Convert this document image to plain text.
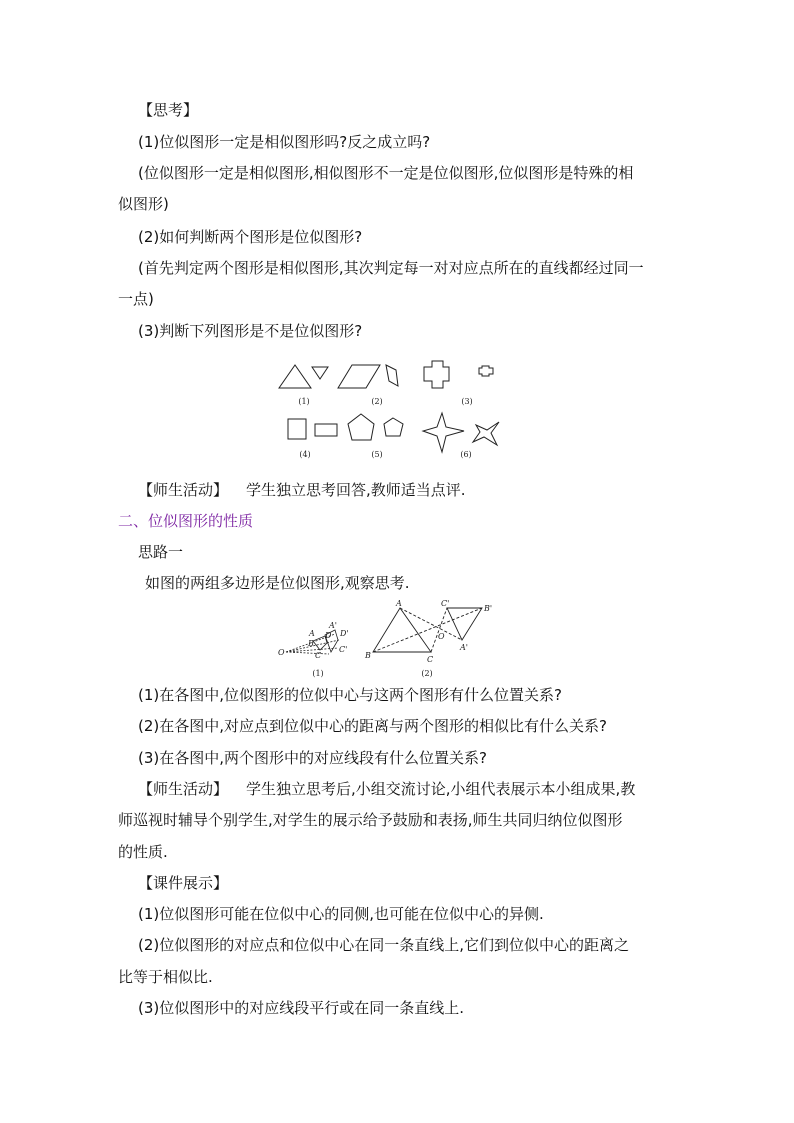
【思考】
(1)位似图形一定是相似图形吗?反之成立吗?
(位似图形一定是相似图形,相似图形不一定是位似图形,位似图形是特殊的相
似图形)
(2)如何判断两个图形是位似图形?
(首先判定两个图形是相似图形,其次判定每一对对应点所在的直线都经过同一
一点)
(3)判断下列图形是不是位似图形?
(1)	(2)	(3)
(4)	(5)	(6)
【师生活动】 学生独立思考回答,教师适当点评.
二、位似图形的性质
思路一
如图的两组多边形是位似图形,观察思考.
O
A
A'
B
D D'
C
C'
A	C'
B'
B
O
A'
C
(1)	(2)
(1)在各图中,位似图形的位似中心与这两个图形有什么位置关系?
(2)在各图中,对应点到位似中心的距离与两个图形的相似比有什么关系?
(3)在各图中,两个图形中的对应线段有什么位置关系?
【师生活动】 学生独立思考后,小组交流讨论,小组代表展示本小组成果,教
师巡视时辅导个别学生,对学生的展示给予鼓励和表扬,师生共同归纳位似图形
的性质.
【课件展示】
(1)位似图形可能在位似中心的同侧,也可能在位似中心的异侧.
(2)位似图形的对应点和位似中心在同一条直线上,它们到位似中心的距离之
比等于相似比.
(3)位似图形中的对应线段平行或在同一条直线上.
